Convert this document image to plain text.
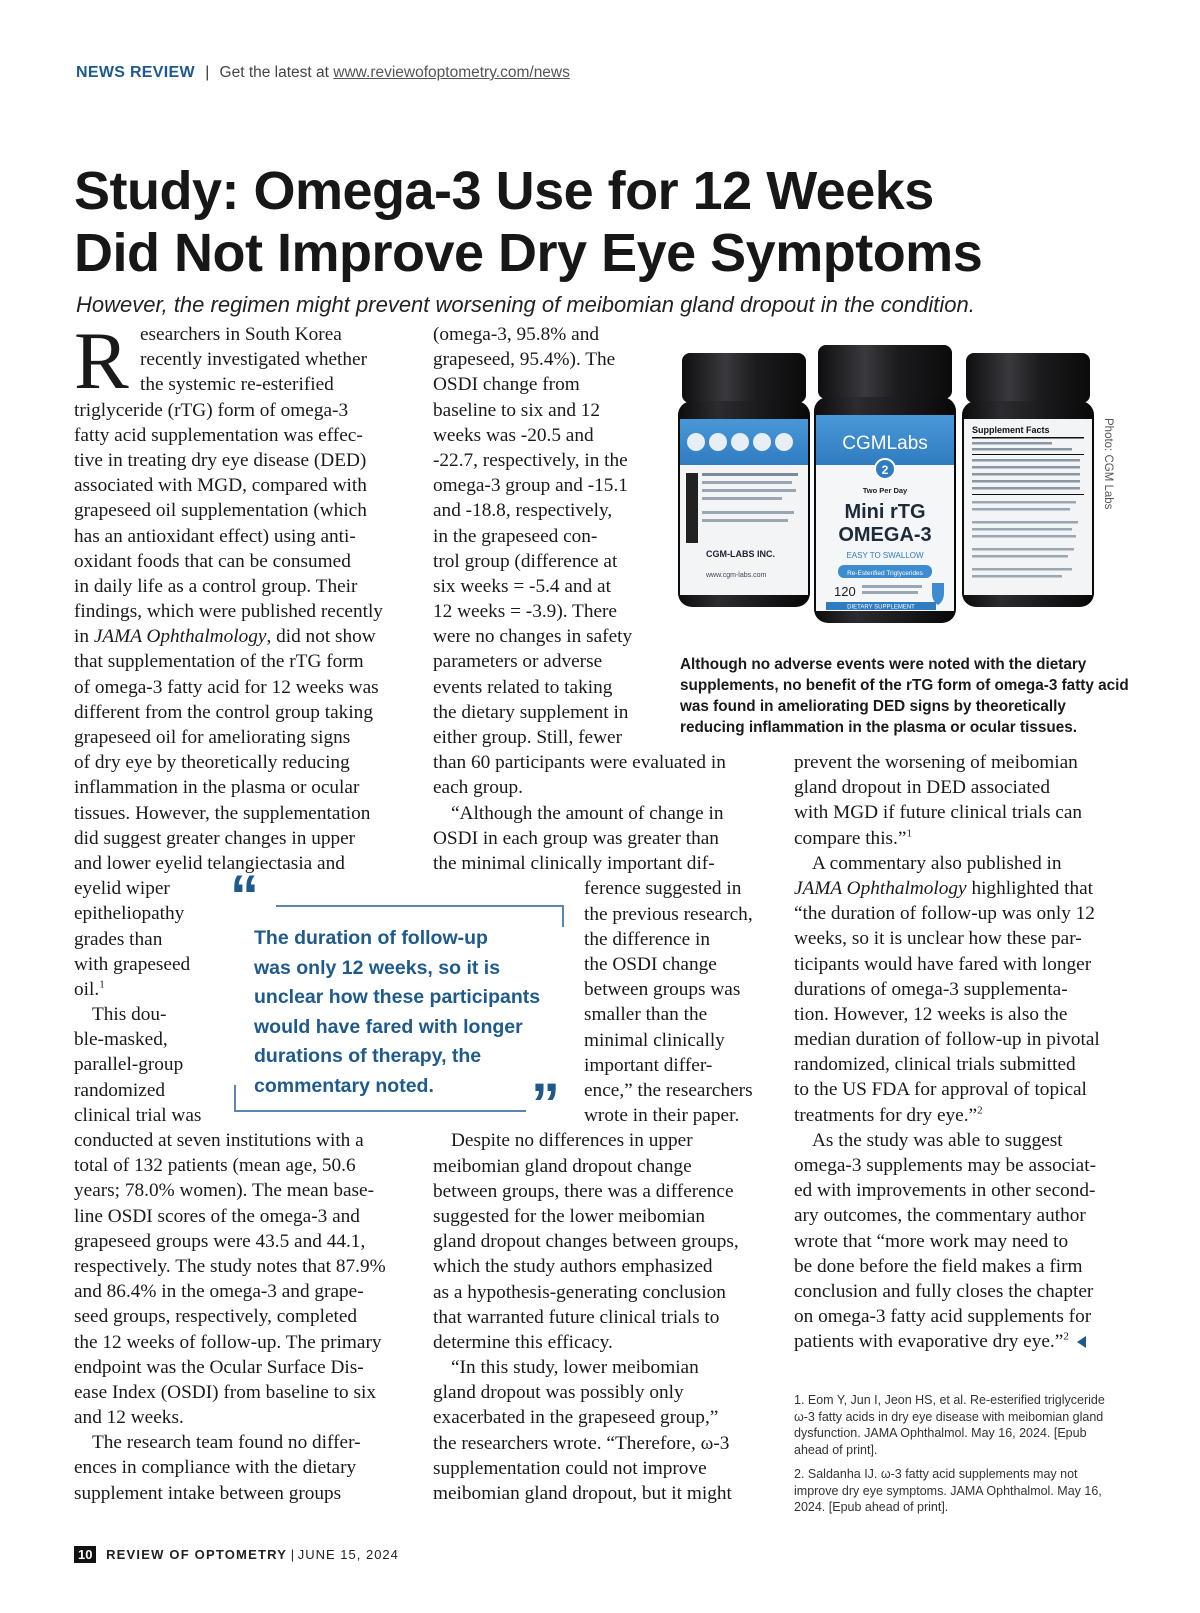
NEWS REVIEW | Get the latest at www.reviewofoptometry.com/news
Study: Omega-3 Use for 12 Weeks
Did Not Improve Dry Eye Symptoms
However, the regimen might prevent worsening of meibomian gland dropout in the condition.
R esearchers in South Korea
recently investigated whether
the systemic re-esterified
triglyceride (rTG) form of omega-3
fatty acid supplementation was effec-
tive in treating dry eye disease (DED)
associated with MGD, compared with
grapeseed oil supplementation (which
has an antioxidant effect) using anti-
oxidant foods that can be consumed
in daily life as a control group. Their
findings, which were published recently
in JAMA Ophthalmology, did not show
that supplementation of the rTG form
of omega-3 fatty acid for 12 weeks was
different from the control group taking
grapeseed oil for ameliorating signs
of dry eye by theoretically reducing
inflammation in the plasma or ocular
tissues. However, the supplementation
did suggest greater changes in upper
and lower eyelid telangiectasia and
eyelid wiper
epitheliopathy
grades than
with grapeseed
oil.$^1$
This dou-
ble-masked,
parallel-group
randomized
clinical trial was
conducted at seven institutions with a
total of 132 patients (mean age, 50.6
years; 78.0% women). The mean base-
line OSDI scores of the omega-3 and
grapeseed groups were 43.5 and 44.1,
respectively. The study notes that 87.9%
and 86.4% in the omega-3 and grape-
seed groups, respectively, completed
the 12 weeks of follow-up. The primary
endpoint was the Ocular Surface Dis-
ease Index (OSDI) from baseline to six
and 12 weeks.
The research team found no differ-
ences in compliance with the dietary
supplement intake between groups
(omega-3, 95.8% and
grapeseed, 95.4%). The
OSDI change from
baseline to six and 12
weeks was -20.5 and
-22.7, respectively, in the
omega-3 group and -15.1
and -18.8, respectively,
in the grapeseed con-
trol group (difference at
six weeks = -5.4 and at
12 weeks = -3.9). There
were no changes in safety
parameters or adverse
events related to taking
the dietary supplement in
either group. Still, fewer
than 60 participants were evaluated in
each group.
“Although the amount of change in
OSDI in each group was greater than
the minimal clinically important dif-
ference suggested in
the previous research,
the difference in
the OSDI change
between groups was
smaller than the
minimal clinically
important differ-
ence,” the researchers
wrote in their paper.
Despite no differences in upper
meibomian gland dropout change
between groups, there was a difference
suggested for the lower meibomian
gland dropout changes between groups,
which the study authors emphasized
as a hypothesis-generating conclusion
that warranted future clinical trials to
determine this efficacy.
“In this study, lower meibomian
gland dropout was possibly only
exacerbated in the grapeseed group,”
the researchers wrote. “Therefore, ω-3
supplementation could not improve
meibomian gland dropout, but it might
prevent the worsening of meibomian
gland dropout in DED associated
with MGD if future clinical trials can
compare this.”$^1$
A commentary also published in
JAMA Ophthalmology highlighted that
“the duration of follow-up was only 12
weeks, so it is unclear how these par-
ticipants would have fared with longer
durations of omega-3 supplementa-
tion. However, 12 weeks is also the
median duration of follow-up in pivotal
randomized, clinical trials submitted
to the US FDA for approval of topical
treatments for dry eye.”$^2$
As the study was able to suggest
omega-3 supplements may be associat-
ed with improvements in other second-
ary outcomes, the commentary author
wrote that “more work may need to
be done before the field makes a firm
conclusion and fully closes the chapter
on omega-3 fatty acid supplements for
patients with evaporative dry eye.”$^2$
“
”
The duration of follow-up
was only 12 weeks, so it is
unclear how these participants
would have fared with longer
durations of therapy, the
commentary noted.
CGM-LABS INC.
www.cgm-labs.com
CGMLabs
2
Two Per Day
Mini rTG
OMEGA-3
EASY TO SWALLOW
Re-Esterified Triglycerides
120
DIETARY SUPPLEMENT
Supplement Facts	Photo: CGM Labs
Although no adverse events were noted with the dietary supplements, no benefit of the rTG form of omega-3 fatty acid was found in ameliorating DED signs by theoretically reducing inflammation in the plasma or ocular tissues.

1. Eom Y, Jun I, Jeon HS, et al. Re-esterified triglyceride ω-3 fatty acids in dry eye disease with meibomian gland dysfunction. JAMA Ophthalmol. May 16, 2024. [Epub ahead of print].

2. Saldanha IJ. ω-3 fatty acid supplements may not improve dry eye symptoms. JAMA Ophthalmol. May 16, 2024. [Epub ahead of print].

10 REVIEW OF OPTOMETRY | JUNE 15, 2024
